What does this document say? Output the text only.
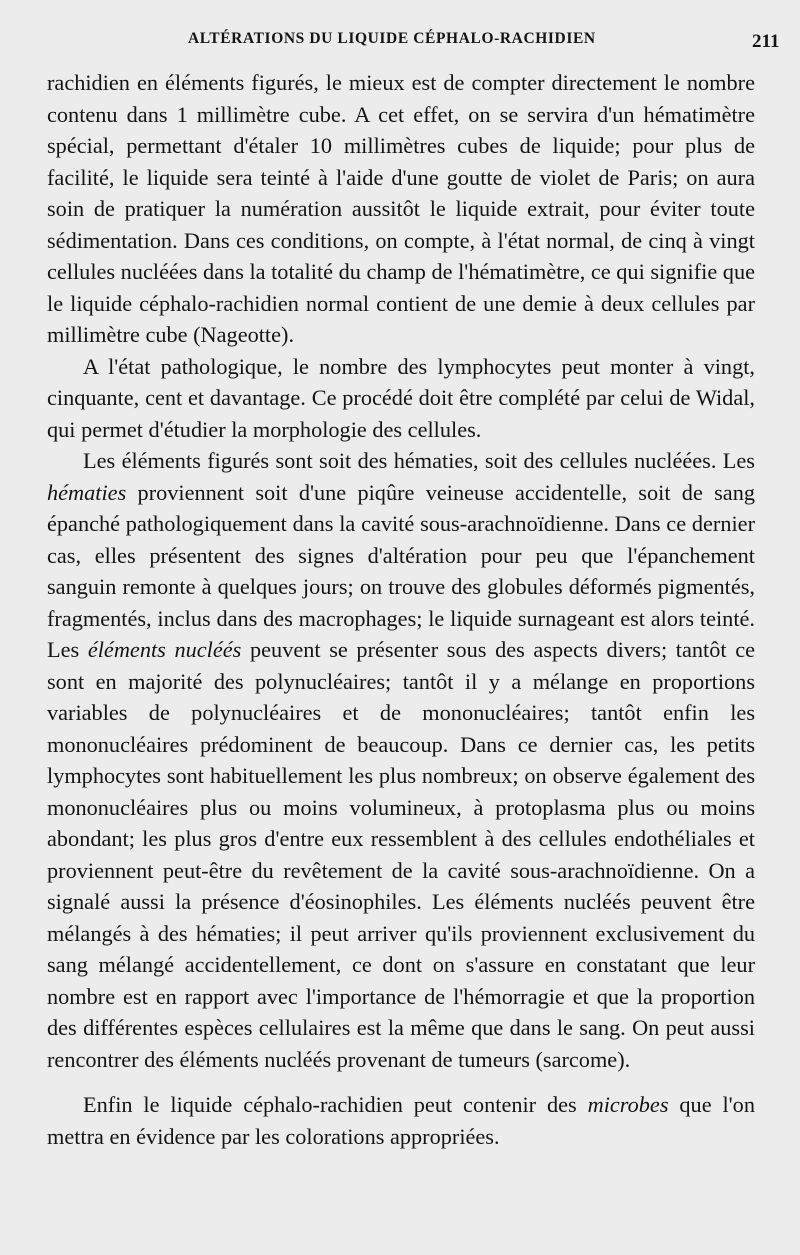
ALTÉRATIONS DU LIQUIDE CÉPHALO-RACHIDIEN	211

rachidien en éléments figurés, le mieux est de compter directement le nombre contenu dans 1 millimètre cube. A cet effet, on se servira d'un hématimètre spécial, permettant d'étaler 10 millimètres cubes de liquide; pour plus de facilité, le liquide sera teinté à l'aide d'une goutte de violet de Paris; on aura soin de pratiquer la numération aussitôt le liquide extrait, pour éviter toute sédimentation. Dans ces conditions, on compte, à l'état normal, de cinq à vingt cellules nucléées dans la totalité du champ de l'hématimètre, ce qui signifie que le liquide céphalo-rachidien normal contient de une demie à deux cellules par millimètre cube (Nageotte).

A l'état pathologique, le nombre des lymphocytes peut monter à vingt, cinquante, cent et davantage. Ce procédé doit être complété par celui de Widal, qui permet d'étudier la morphologie des cellules.

Les éléments figurés sont soit des hématies, soit des cellules nucléées. Les hématies proviennent soit d'une piqûre veineuse accidentelle, soit de sang épanché pathologiquement dans la cavité sous-arachnoïdienne. Dans ce dernier cas, elles présentent des signes d'altération pour peu que l'épanchement sanguin remonte à quelques jours; on trouve des globules déformés pigmentés, fragmentés, inclus dans des macrophages; le liquide surnageant est alors teinté. Les éléments nucléés peuvent se présenter sous des aspects divers; tantôt ce sont en majorité des polynucléaires; tantôt il y a mélange en proportions variables de polynucléaires et de mononucléaires; tantôt enfin les mononucléaires prédominent de beaucoup. Dans ce dernier cas, les petits lymphocytes sont habituellement les plus nombreux; on observe également des mononucléaires plus ou moins volumineux, à protoplasma plus ou moins abondant; les plus gros d'entre eux ressemblent à des cellules endothéliales et proviennent peut-être du revêtement de la cavité sous-arachnoïdienne. On a signalé aussi la présence d'éosinophiles. Les éléments nucléés peuvent être mélangés à des hématies; il peut arriver qu'ils proviennent exclusivement du sang mélangé accidentellement, ce dont on s'assure en constatant que leur nombre est en rapport avec l'importance de l'hémorragie et que la proportion des différentes espèces cellulaires est la même que dans le sang. On peut aussi rencontrer des éléments nucléés provenant de tumeurs (sarcome).

Enfin le liquide céphalo-rachidien peut contenir des microbes que l'on mettra en évidence par les colorations appropriées.
